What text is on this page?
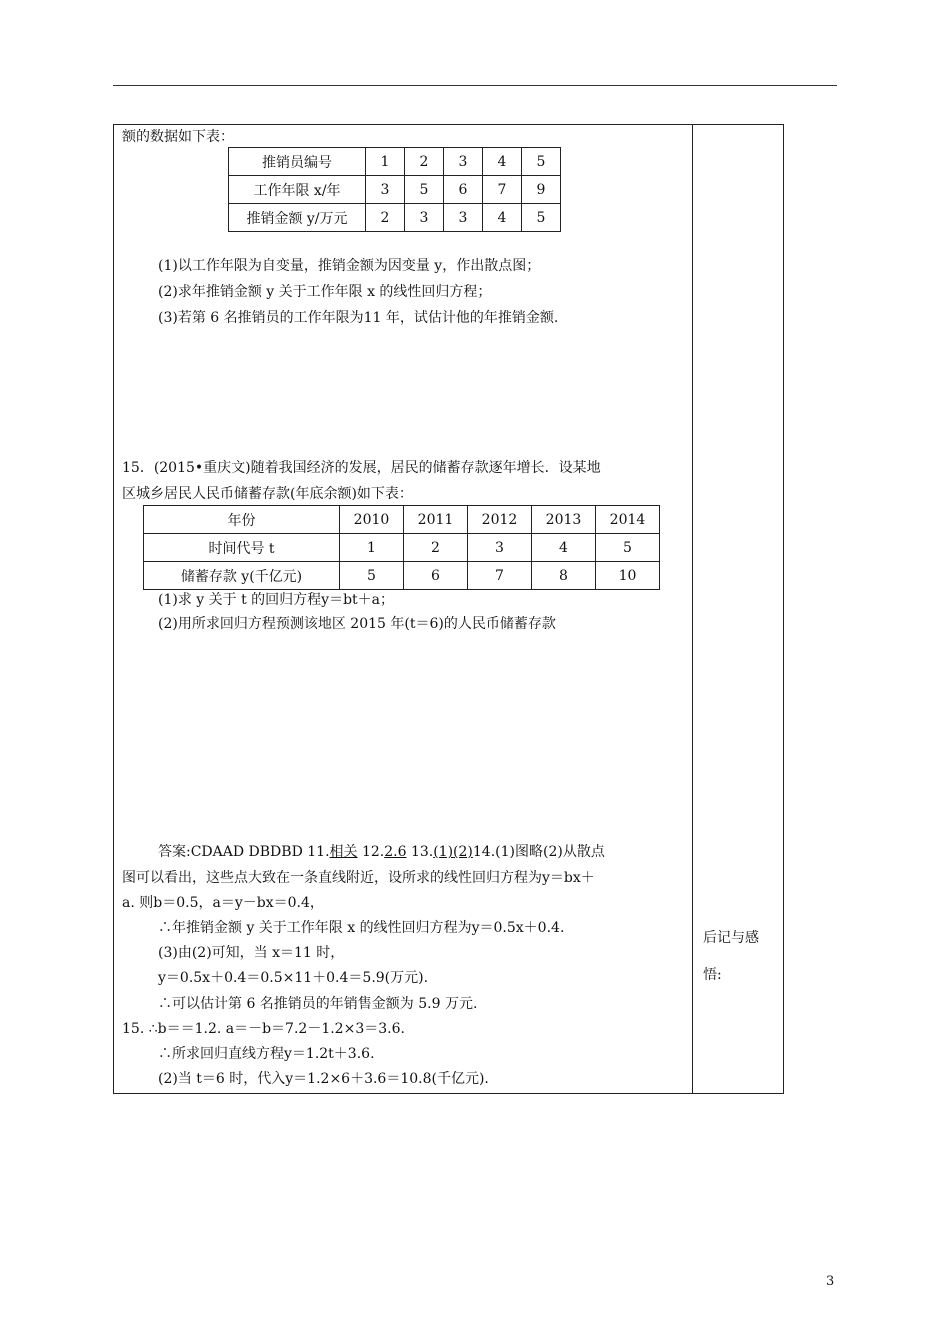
额的数据如下表：
推销员编号	1	2	3	4	5
工作年限 x/年	3	5	6	7	9
推销金额 y/万元	2	3	3	4	5
(1)以工作年限为自变量，推销金额为因变量 y，作出散点图；
(2)求年推销金额 y 关于工作年限 x 的线性回归方程；
(3)若第 6 名推销员的工作年限为11 年，试估计他的年推销金额.
15．(2015•重庆文)随着我国经济的发展，居民的储蓄存款逐年增长．设某地
区城乡居民人民币储蓄存款(年底余额)如下表：
年份	2010	2011	2012	2013	2014
时间代号 t	1	2	3	4	5
储蓄存款 y(千亿元)	5	6	7	8	10
(1)求 y 关于 t 的回归方程y＝bt＋a；
(2)用所求回归方程预测该地区 2015 年(t＝6)的人民币储蓄存款
答案:CDAAD DBDBD 11.相关 12.2.6 13.(1)(2)14.(1)图略(2)从散点
图可以看出，这些点大致在一条直线附近，设所求的线性回归方程为y＝bx＋
a. 则b＝0.5，a＝y－bx＝0.4，
∴年推销金额 y 关于工作年限 x 的线性回归方程为y＝0.5x＋0.4.
(3)由(2)可知，当 x＝11 时，
y＝0.5x＋0.4＝0.5×11＋0.4＝5.9(万元).
∴可以估计第 6 名推销员的年销售金额为 5.9 万元.
15. ∴b＝＝1.2. a＝－b＝7.2－1.2×3＝3.6.
∴所求回归直线方程y＝1.2t＋3.6.
(2)当 t＝6 时，代入y＝1.2×6＋3.6＝10.8(千亿元).
后记与感
悟:
3
